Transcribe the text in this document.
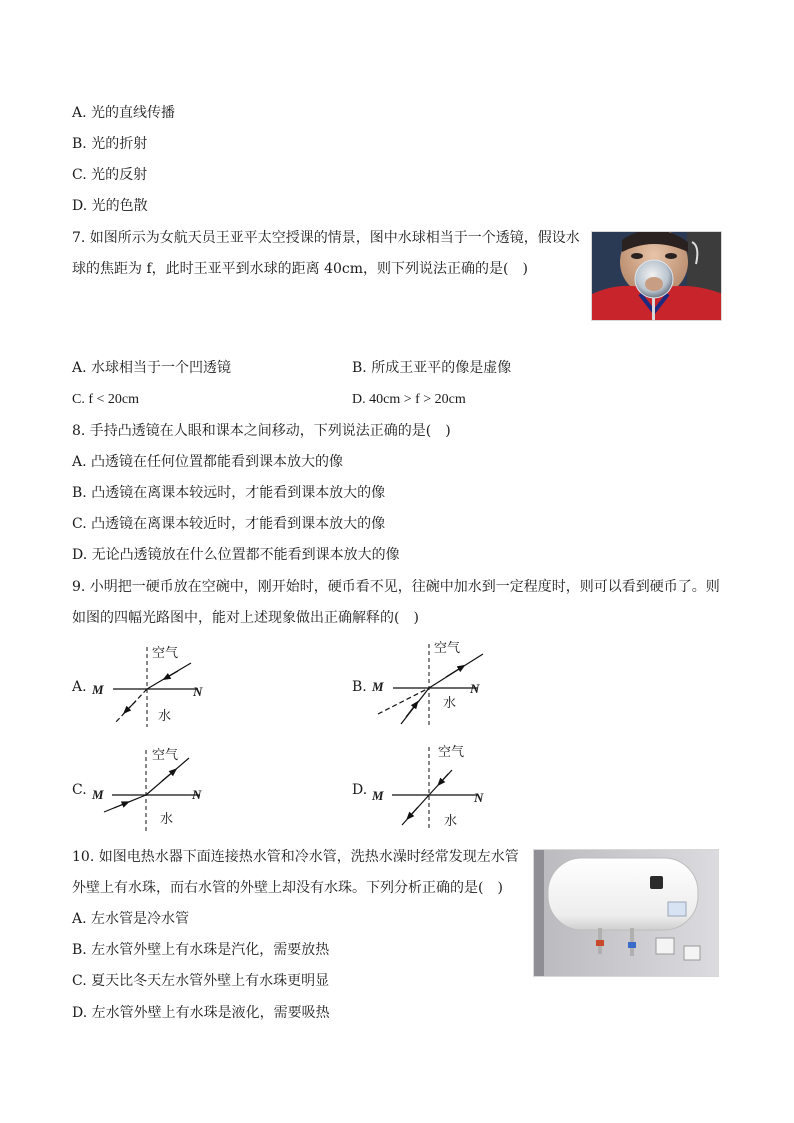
A. 光的直线传播
B. 光的折射
C. 光的反射
D. 光的色散
7. 如图所示为女航天员王亚平太空授课的情景，图中水球相当于一个透镜，假设水
球的焦距为 f，此时王亚平到水球的距离 40cm，则下列说法正确的是(　)
A. 水球相当于一个凹透镜	B. 所成王亚平的像是虚像
C. f < 20cm	D. 40cm > f > 20cm
8. 手持凸透镜在人眼和课本之间移动，下列说法正确的是(　)
A. 凸透镜在任何位置都能看到课本放大的像
B. 凸透镜在离课本较远时，才能看到课本放大的像
C. 凸透镜在离课本较近时，才能看到课本放大的像
D. 无论凸透镜放在什么位置都不能看到课本放大的像
9. 小明把一硬币放在空碗中，刚开始时，硬币看不见，往碗中加水到一定程度时，则可以看到硬币了。则
如图的四幅光路图中，能对上述现象做出正确解释的(　)
A.
空气
水
M	N	B.
空气
水
M	N
C.
空气
水
M	N	D.
空气
水
M	N
10. 如图电热水器下面连接热水管和冷水管，洗热水澡时经常发现左水管
外壁上有水珠，而右水管的外壁上却没有水珠。下列分析正确的是(　)
A. 左水管是冷水管
B. 左水管外壁上有水珠是汽化，需要放热
C. 夏天比冬天左水管外壁上有水珠更明显
D. 左水管外壁上有水珠是液化，需要吸热
